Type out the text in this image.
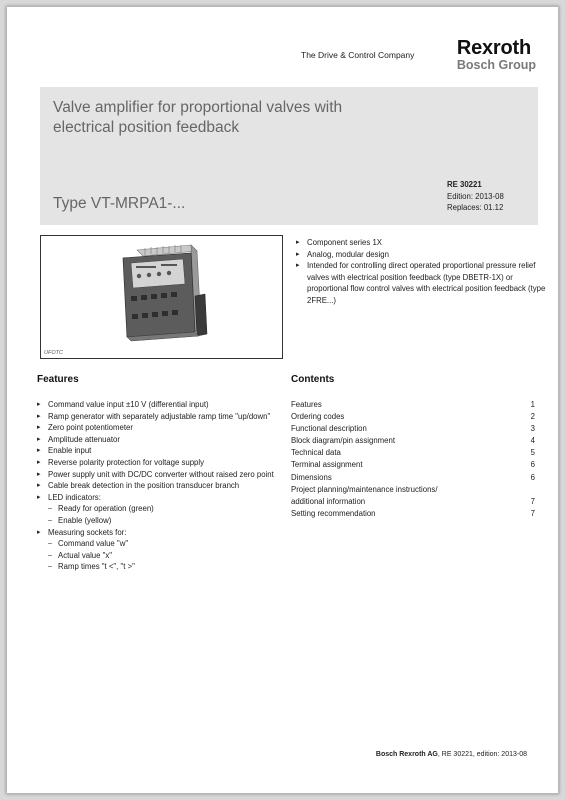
The Drive & Control Company Rexroth
Bosch Group
Valve amplifier for proportional valves with
electrical position feedback
Type VT-MRPA1-...
RE 30221
Edition: 2013-08
Replaces: 01.12
UFOTC
▸ Component series 1X
▸ Analog, modular design
▸ Intended for controlling direct operated proportional pressure relief valves with electrical position feedback (type DBETR-1X) or proportional flow control valves with electrical position feedback (type 2FRE...)
Features	Contents
▸ Command value input ±10 V (differential input)
▸ Ramp generator with separately adjustable ramp time "up/down"
▸ Zero point potentiometer
▸ Amplitude attenuator
▸ Enable input
▸ Reverse polarity protection for voltage supply
▸ Power supply unit with DC/DC converter without raised zero point
▸ Cable break detection in the position transducer branch
▸ LED indicators:
– Ready for operation (green)
– Enable (yellow)
▸ Measuring sockets for:
– Command value "w"
– Actual value "x"
– Ramp times "t <", "t >"
Features	1
Ordering codes	2
Functional description	3
Block diagram/pin assignment	4
Technical data	5
Terminal assignment	6
Dimensions	6
Project planning/maintenance instructions/
additional information	7
Setting recommendation	7
Bosch Rexroth AG, RE 30221, edition: 2013-08
